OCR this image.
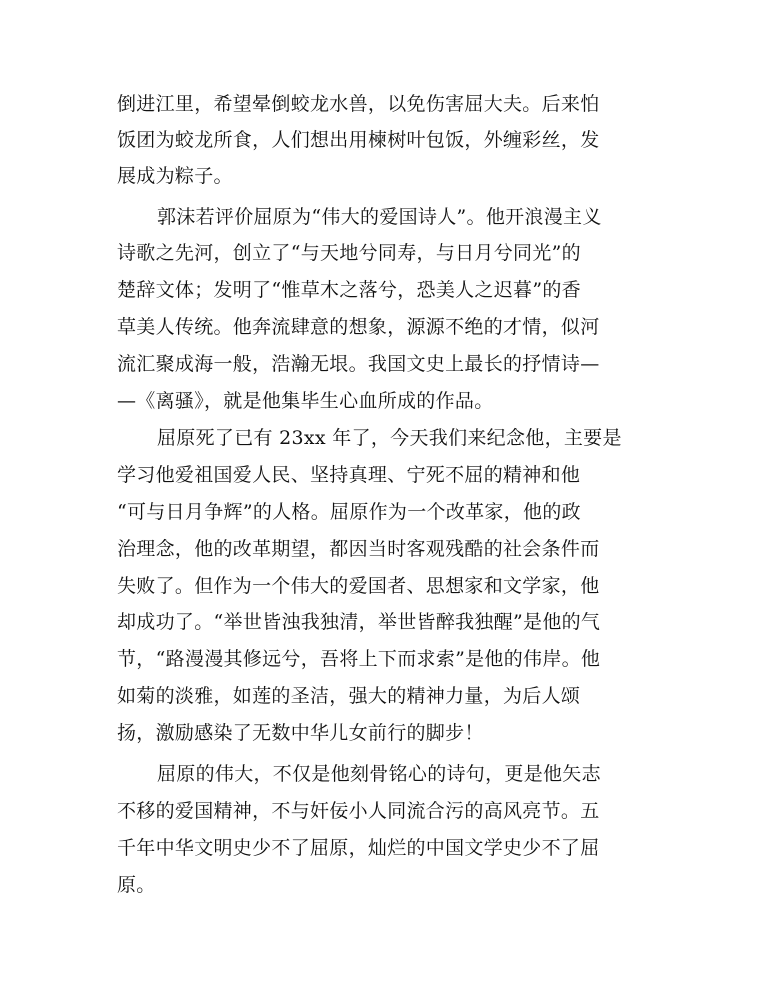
倒进江里，希望晕倒蛟龙水兽，以免伤害屈大夫。后来怕
饭团为蛟龙所食，人们想出用楝树叶包饭，外缠彩丝，发
展成为粽子。
郭沫若评价屈原为“伟大的爱国诗人”。他开浪漫主义
诗歌之先河，创立了“与天地兮同寿，与日月兮同光”的
楚辞文体；发明了“惟草木之落兮，恐美人之迟暮”的香
草美人传统。他奔流肆意的想象，源源不绝的才情，似河
流汇聚成海一般，浩瀚无垠。我国文史上最长的抒情诗—
—《离骚》，就是他集毕生心血所成的作品。
屈原死了已有 23xx 年了，今天我们来纪念他，主要是
学习他爱祖国爱人民、坚持真理、宁死不屈的精神和他
“可与日月争辉”的人格。屈原作为一个改革家，他的政
治理念，他的改革期望，都因当时客观残酷的社会条件而
失败了。但作为一个伟大的爱国者、思想家和文学家，他
却成功了。“举世皆浊我独清，举世皆醉我独醒”是他的气
节，“路漫漫其修远兮，吾将上下而求索”是他的伟岸。他
如菊的淡雅，如莲的圣洁，强大的精神力量，为后人颂
扬，激励感染了无数中华儿女前行的脚步！
屈原的伟大，不仅是他刻骨铭心的诗句，更是他矢志
不移的爱国精神，不与奸佞小人同流合污的高风亮节。五
千年中华文明史少不了屈原，灿烂的中国文学史少不了屈
原。
